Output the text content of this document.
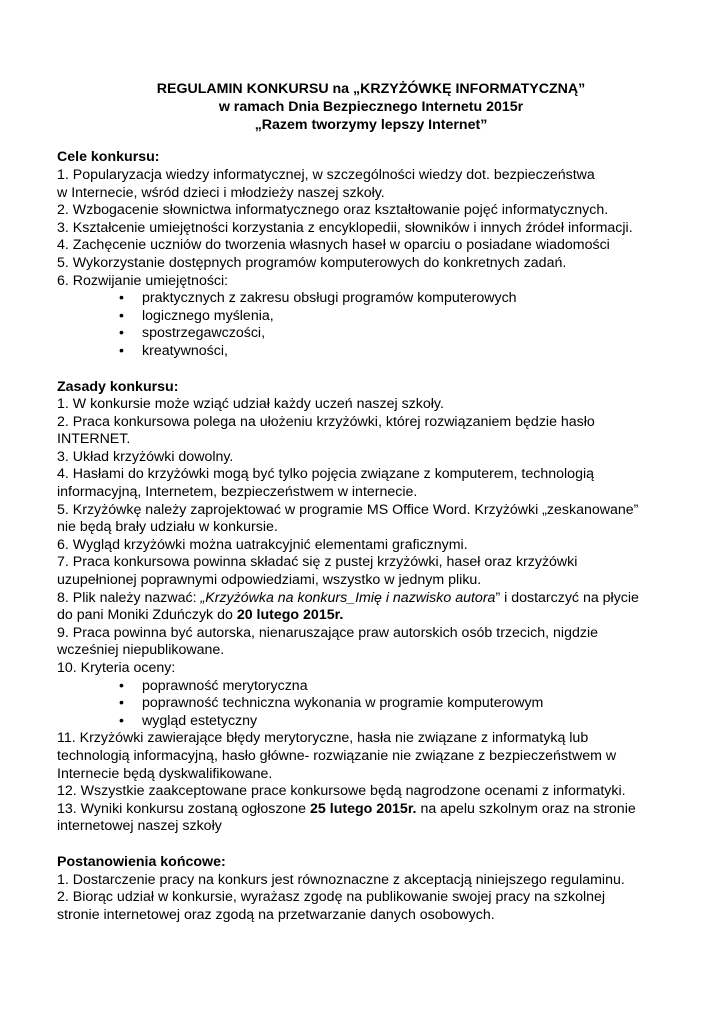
REGULAMIN KONKURSU na „KRZYŻÓWKĘ INFORMATYCZNĄ”
w ramach Dnia Bezpiecznego Internetu 2015r
„Razem tworzymy lepszy Internet”

Cele konkursu:

1. Popularyzacja wiedzy informatycznej, w szczególności wiedzy dot. bezpieczeństwa

w Internecie, wśród dzieci i młodzieży naszej szkoły.

2. Wzbogacenie słownictwa informatycznego oraz kształtowanie pojęć informatycznych.

3. Kształcenie umiejętności korzystania z encyklopedii, słowników i innych źródeł informacji.

4. Zachęcenie uczniów do tworzenia własnych haseł w oparciu o posiadane wiadomości

5. Wykorzystanie dostępnych programów komputerowych do konkretnych zadań.

6. Rozwijanie umiejętności:

• praktycznych z zakresu obsługi programów komputerowych
• logicznego myślenia,
• spostrzegawczości,
• kreatywności,

Zasady konkursu:

1. W konkursie może wziąć udział każdy uczeń naszej szkoły.

2. Praca konkursowa polega na ułożeniu krzyżówki, której rozwiązaniem będzie hasło

INTERNET.

3. Układ krzyżówki dowolny.

4. Hasłami do krzyżówki mogą być tylko pojęcia związane z komputerem, technologią

informacyjną, Internetem, bezpieczeństwem w internecie.

5. Krzyżówkę należy zaprojektować w programie MS Office Word. Krzyżówki „zeskanowane”

nie będą brały udziału w konkursie.

6. Wygląd krzyżówki można uatrakcyjnić elementami graficznymi.

7. Praca konkursowa powinna składać się z pustej krzyżówki, haseł oraz krzyżówki

uzupełnionej poprawnymi odpowiedziami, wszystko w jednym pliku.

8. Plik należy nazwać: „Krzyżówka na konkurs_Imię i nazwisko autora” i dostarczyć na płycie

do pani Moniki Zduńczyk do 20 lutego 2015r.

9. Praca powinna być autorska, nienaruszające praw autorskich osób trzecich, nigdzie

wcześniej niepublikowane.

10. Kryteria oceny:

• poprawność merytoryczna
• poprawność techniczna wykonania w programie komputerowym
• wygląd estetyczny

11. Krzyżówki zawierające błędy merytoryczne, hasła nie związane z informatyką lub

technologią informacyjną, hasło główne- rozwiązanie nie związane z bezpieczeństwem w

Internecie będą dyskwalifikowane.

12. Wszystkie zaakceptowane prace konkursowe będą nagrodzone ocenami z informatyki.

13. Wyniki konkursu zostaną ogłoszone 25 lutego 2015r. na apelu szkolnym oraz na stronie

internetowej naszej szkoły

Postanowienia końcowe:

1. Dostarczenie pracy na konkurs jest równoznaczne z akceptacją niniejszego regulaminu.

2. Biorąc udział w konkursie, wyrażasz zgodę na publikowanie swojej pracy na szkolnej

stronie internetowej oraz zgodą na przetwarzanie danych osobowych.
